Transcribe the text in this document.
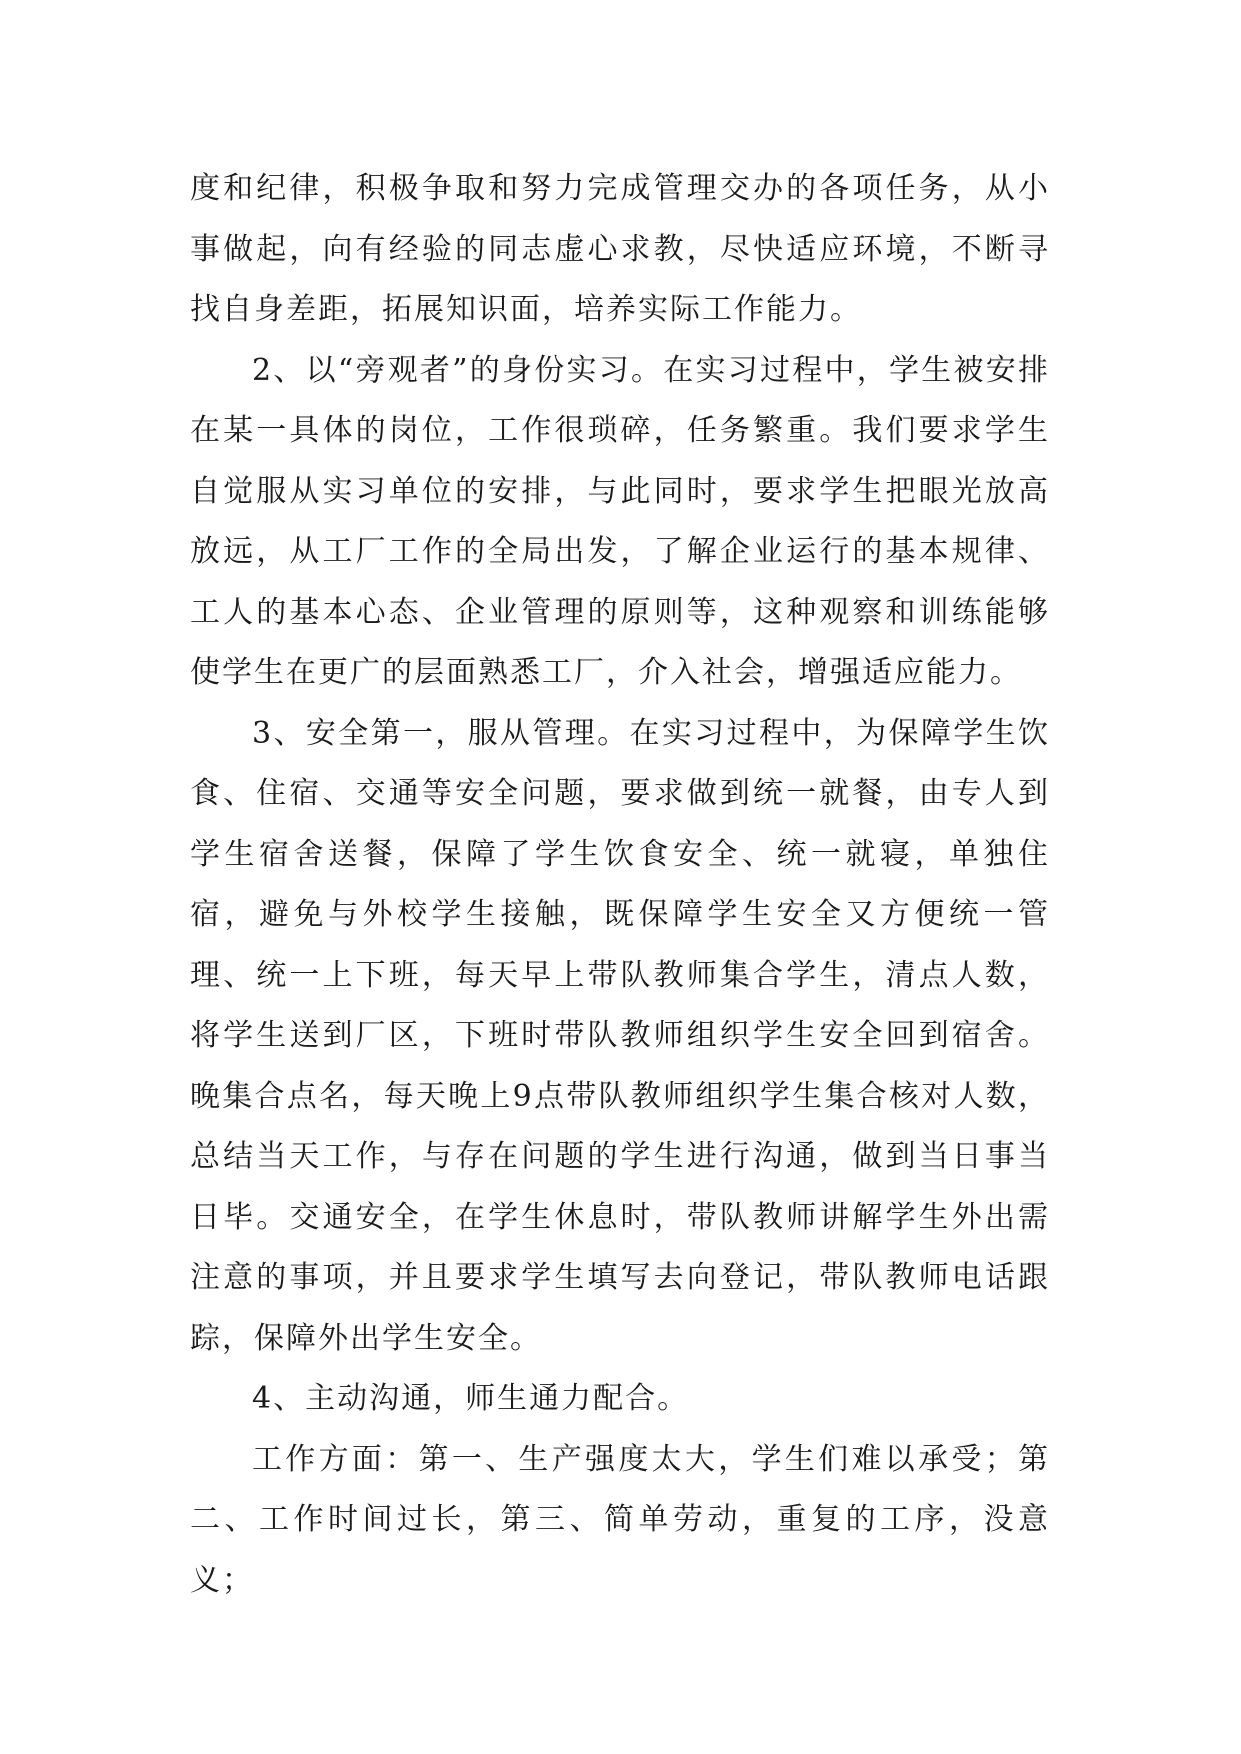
度和纪律，积极争取和努力完成管理交办的各项任务，从小事做起，向有经验的同志虚心求教，尽快适应环境，不断寻找自身差距，拓展知识面，培养实际工作能力。

2、以“旁观者”的身份实习。在实习过程中，学生被安排在某一具体的岗位，工作很琐碎，任务繁重。我们要求学生自觉服从实习单位的安排，与此同时，要求学生把眼光放高放远，从工厂工作的全局出发，了解企业运行的基本规律、工人的基本心态、企业管理的原则等，这种观察和训练能够使学生在更广的层面熟悉工厂，介入社会，增强适应能力。

3、安全第一，服从管理。在实习过程中，为保障学生饮食、住宿、交通等安全问题，要求做到统一就餐，由专人到学生宿舍送餐，保障了学生饮食安全、统一就寝，单独住宿，避免与外校学生接触，既保障学生安全又方便统一管理、统一上下班，每天早上带队教师集合学生，清点人数，将学生送到厂区，下班时带队教师组织学生安全回到宿舍。晚集合点名，每天晚上9点带队教师组织学生集合核对人数，总结当天工作，与存在问题的学生进行沟通，做到当日事当日毕。交通安全，在学生休息时，带队教师讲解学生外出需注意的事项，并且要求学生填写去向登记，带队教师电话跟踪，保障外出学生安全。

4、主动沟通，师生通力配合。

工作方面：第一、生产强度太大，学生们难以承受；第二、工作时间过长，第三、简单劳动，重复的工序，没意义；
